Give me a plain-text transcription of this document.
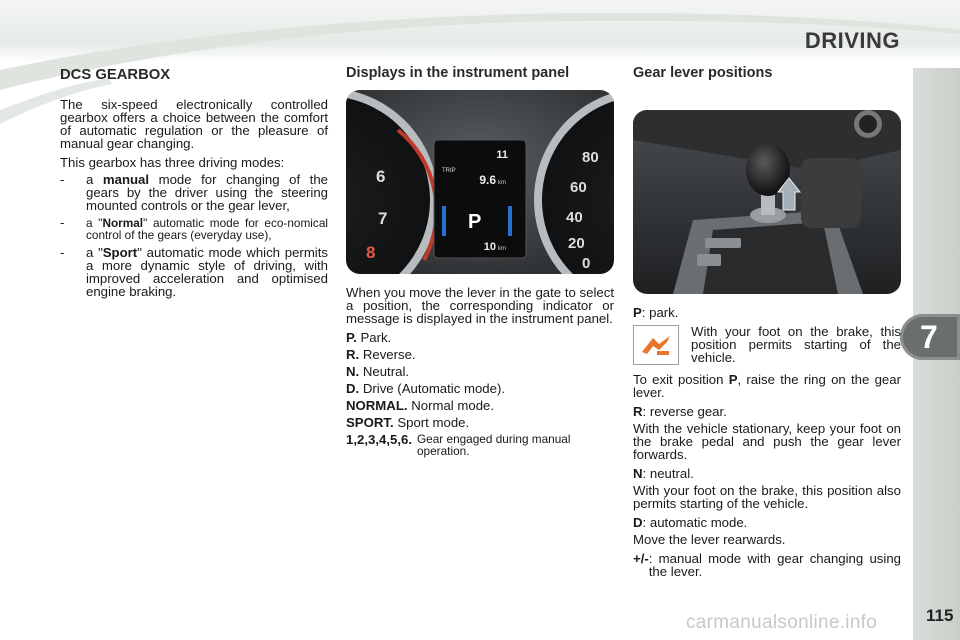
DRIVING
7
DCS GEARBOX

The six-speed electronically controlled gearbox offers a choice between the comfort of automatic regulation or the pleasure of manual gear changing.

This gearbox has three driving modes:

-	a manual mode for changing of the gears by the driver using the steering mounted controls or the gear lever,
-	a "Normal" automatic mode for eco-nomical control of the gears (everyday use),
-	a "Sport" automatic mode which permits a more dynamic style of driving, with improved acceleration and optimised engine braking.
Displays in the instrument panel
6
7
8
80
60
40
20
0
11
TRIP
9.6 km
P
10 km

When you move the lever in the gate to select a position, the corresponding indicator or message is displayed in the instrument panel.

P. Park.
R. Reverse.
N. Neutral.
D. Drive (Automatic mode).
NORMAL. Normal mode.
SPORT. Sport mode.
1,2,3,4,5,6. Gear engaged during manual operation.
Gear lever positions
P: park.
With your foot on the brake, this position permits starting of the vehicle.

To exit position P, raise the ring on the gear lever.

R: reverse gear.

With the vehicle stationary, keep your foot on the brake pedal and push the gear lever forwards.

N: neutral.

With your foot on the brake, this position also permits starting of the vehicle.

D: automatic mode.

Move the lever rearwards.

+/- : manual mode with gear changing using the lever.
115
carmanualsonline.info
